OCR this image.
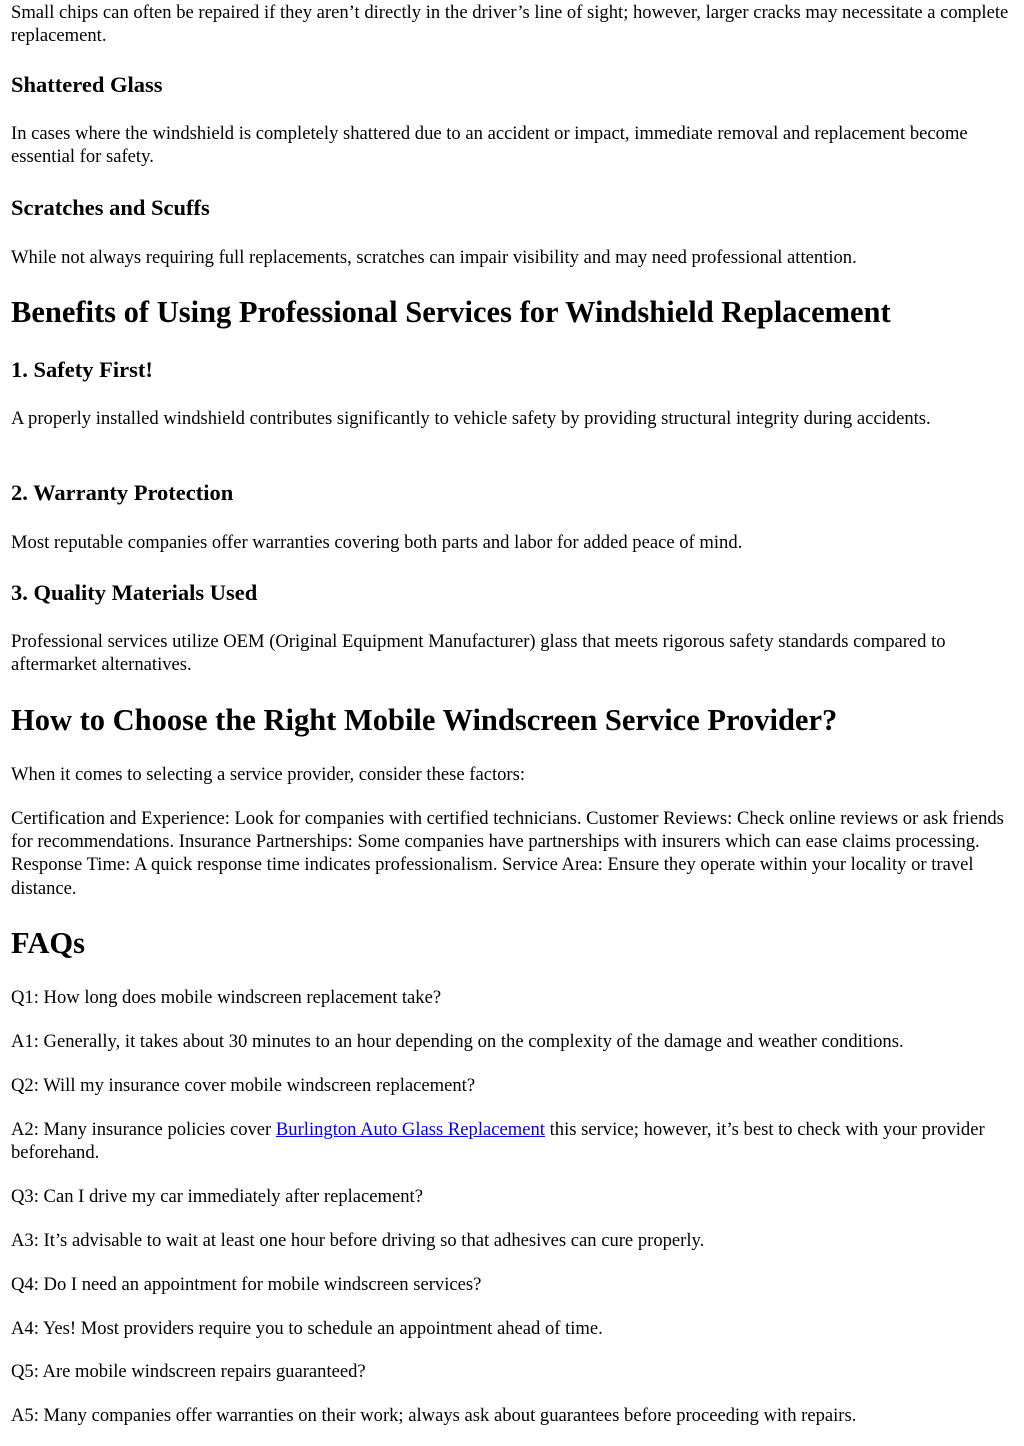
Small chips can often be repaired if they aren’t directly in the driver’s line of sight; however, larger cracks may necessitate a complete replacement.

Shattered Glass

In cases where the windshield is completely shattered due to an accident or impact, immediate removal and replacement become essential for safety.

Scratches and Scuffs

While not always requiring full replacements, scratches can impair visibility and may need professional attention.

Benefits of Using Professional Services for Windshield Replacement
1. Safety First!

A properly installed windshield contributes significantly to vehicle safety by providing structural integrity during accidents.

2. Warranty Protection

Most reputable companies offer warranties covering both parts and labor for added peace of mind.

3. Quality Materials Used

Professional services utilize OEM (Original Equipment Manufacturer) glass that meets rigorous safety standards compared to aftermarket alternatives.

How to Choose the Right Mobile Windscreen Service Provider?

When it comes to selecting a service provider, consider these factors:

Certification and Experience: Look for companies with certified technicians. Customer Reviews: Check online reviews or ask friends for recommendations. Insurance Partnerships: Some companies have partnerships with insurers which can ease claims processing. Response Time: A quick response time indicates professionalism. Service Area: Ensure they operate within your locality or travel distance.

FAQs

Q1: How long does mobile windscreen replacement take?

A1: Generally, it takes about 30 minutes to an hour depending on the complexity of the damage and weather conditions.

Q2: Will my insurance cover mobile windscreen replacement?

A2: Many insurance policies cover Burlington Auto Glass Replacement this service; however, it’s best to check with your provider beforehand.

Q3: Can I drive my car immediately after replacement?

A3: It’s advisable to wait at least one hour before driving so that adhesives can cure properly.

Q4: Do I need an appointment for mobile windscreen services?

A4: Yes! Most providers require you to schedule an appointment ahead of time.

Q5: Are mobile windscreen repairs guaranteed?

A5: Many companies offer warranties on their work; always ask about guarantees before proceeding with repairs.
